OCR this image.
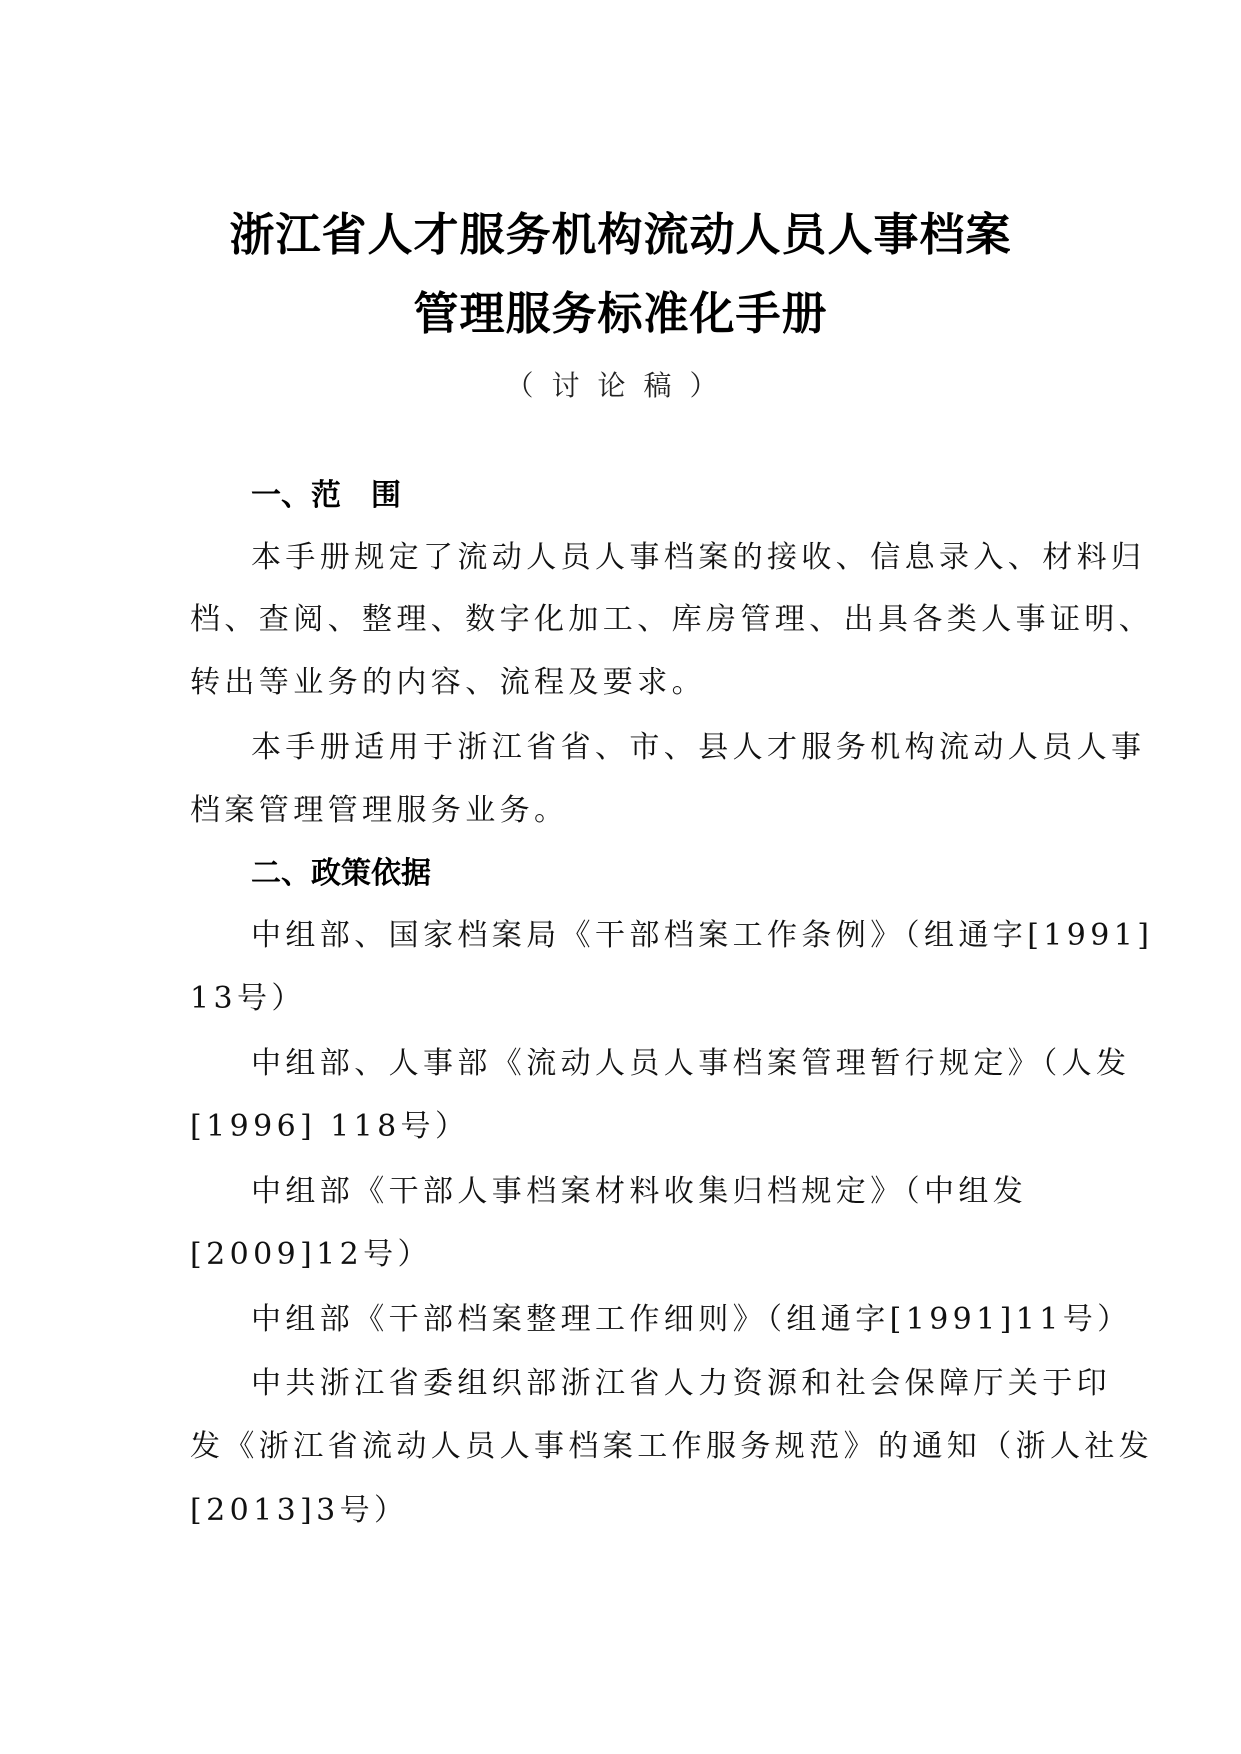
浙江省人才服务机构流动人员人事档案
管理服务标准化手册
（讨论稿）
一、范　围
本手册规定了流动人员人事档案的接收、信息录入、材料归
档、查阅、整理、数字化加工、库房管理、出具各类人事证明、
转出等业务的内容、流程及要求。
本手册适用于浙江省省、市、县人才服务机构流动人员人事
档案管理管理服务业务。
二、政策依据
中组部、国家档案局《干部档案工作条例》（组通字[1991]
13号）
中组部、人事部《流动人员人事档案管理暂行规定》（人发
[1996] 118号）
中组部《干部人事档案材料收集归档规定》（中组发
[2009]12号）
中组部《干部档案整理工作细则》（组通字[1991]11号）
中共浙江省委组织部浙江省人力资源和社会保障厅关于印
发《浙江省流动人员人事档案工作服务规范》的通知（浙人社发
[2013]3号）
